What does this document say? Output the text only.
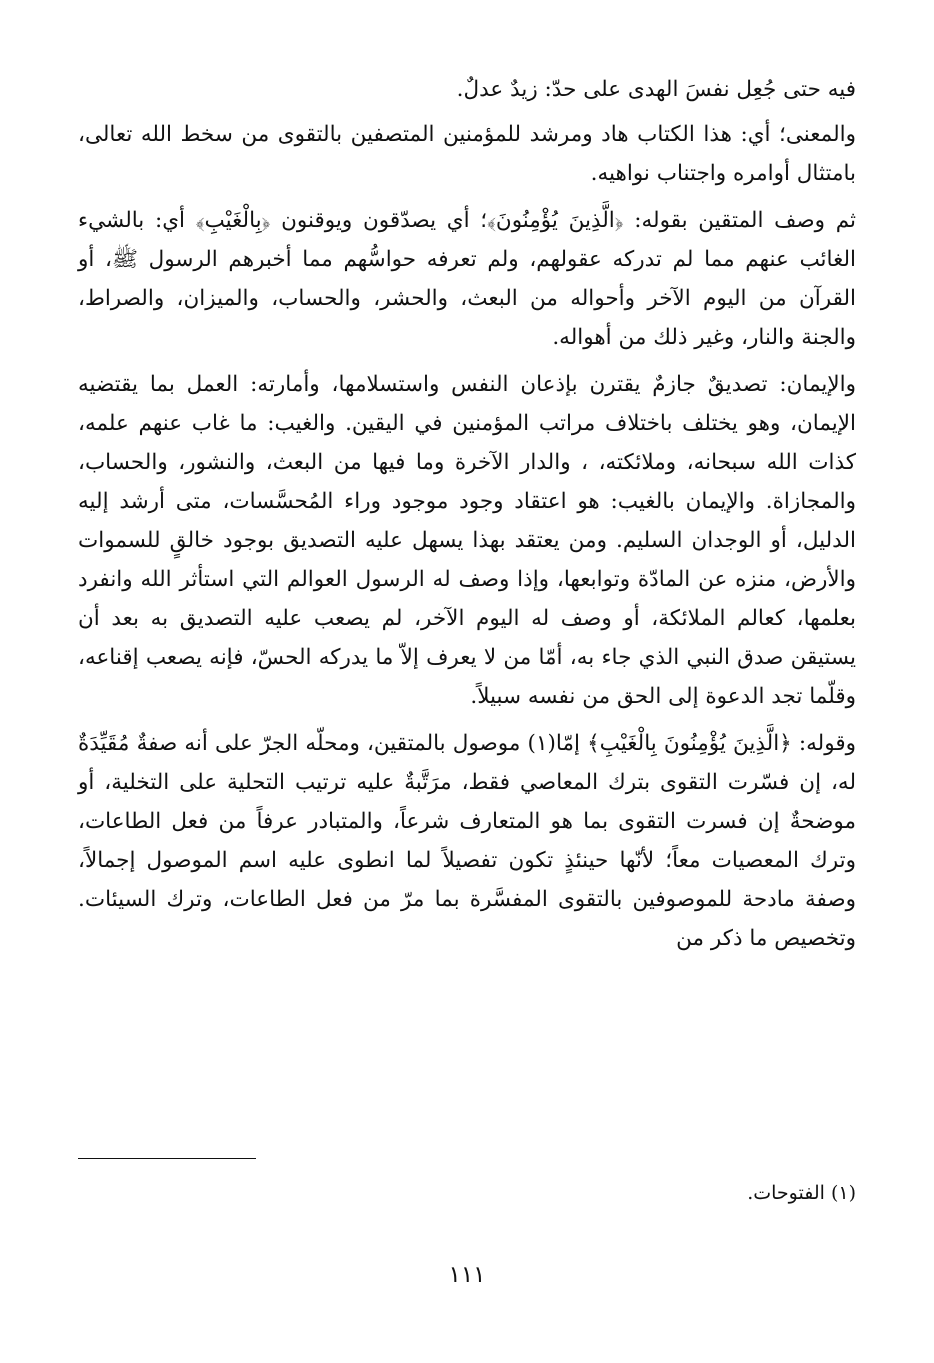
فيه حتى جُعِل نفسَ الهدى على حدّ: زيدٌ عدلٌ.

والمعنى؛ أي: هذا الكتاب هاد ومرشد للمؤمنين المتصفين بالتقوى من سخط الله تعالى، بامتثال أوامره واجتناب نواهيه.

ثم وصف المتقين بقوله: ﴿الَّذِينَ يُؤْمِنُونَ﴾؛ أي يصدّقون ويوقنون ﴿بِالْغَيْبِ﴾ أي: بالشيء الغائب عنهم مما لم تدركه عقولهم، ولم تعرفه حواسُّهم مما أخبرهم الرسول ﷺ، أو القرآن من اليوم الآخر وأحواله من البعث، والحشر، والحساب، والميزان، والصراط، والجنة والنار، وغير ذلك من أهواله.

والإيمان: تصديقٌ جازمٌ يقترن بإذعان النفس واستسلامها، وأمارته: العمل بما يقتضيه الإيمان، وهو يختلف باختلاف مراتب المؤمنين في اليقين. والغيب: ما غاب عنهم علمه، كذات الله سبحانه، وملائكته، ، والدار الآخرة وما فيها من البعث، والنشور، والحساب، والمجازاة. والإيمان بالغيب: هو اعتقاد وجود موجود وراء المُحسَّسات، متى أرشد إليه الدليل، أو الوجدان السليم. ومن يعتقد بهذا يسهل عليه التصديق بوجود خالقٍ للسموات والأرض، منزه عن المادّة وتوابعها، وإذا وصف له الرسول العوالم التي استأثر الله وانفرد بعلمها، كعالم الملائكة، أو وصف له اليوم الآخر، لم يصعب عليه التصديق به بعد أن يستيقن صدق النبي الذي جاء به، أمّا من لا يعرف إلاّ ما يدركه الحسّ، فإنه يصعب إقناعه، وقلّما تجد الدعوة إلى الحق من نفسه سبيلاً.

وقوله: ﴿الَّذِينَ يُؤْمِنُونَ بِالْغَيْبِ﴾ إمّا(١) موصول بالمتقين، ومحلّه الجرّ على أنه صفةٌ مُقَيِّدَةٌ له، إن فسّرت التقوى بترك المعاصي فقط، مرَتَّبةٌ عليه ترتيب التحلية على التخلية، أو موضحةٌ إن فسرت التقوى بما هو المتعارف شرعاً، والمتبادر عرفاً من فعل الطاعات، وترك المعصيات معاً؛ لأنّها حينئذٍ تكون تفصيلاً لما انطوى عليه اسم الموصول إجمالاً، وصفة مادحة للموصوفين بالتقوى المفسَّرة بما مرّ من فعل الطاعات، وترك السيئات. وتخصيص ما ذكر من

(١) الفتوحات.
١١١
